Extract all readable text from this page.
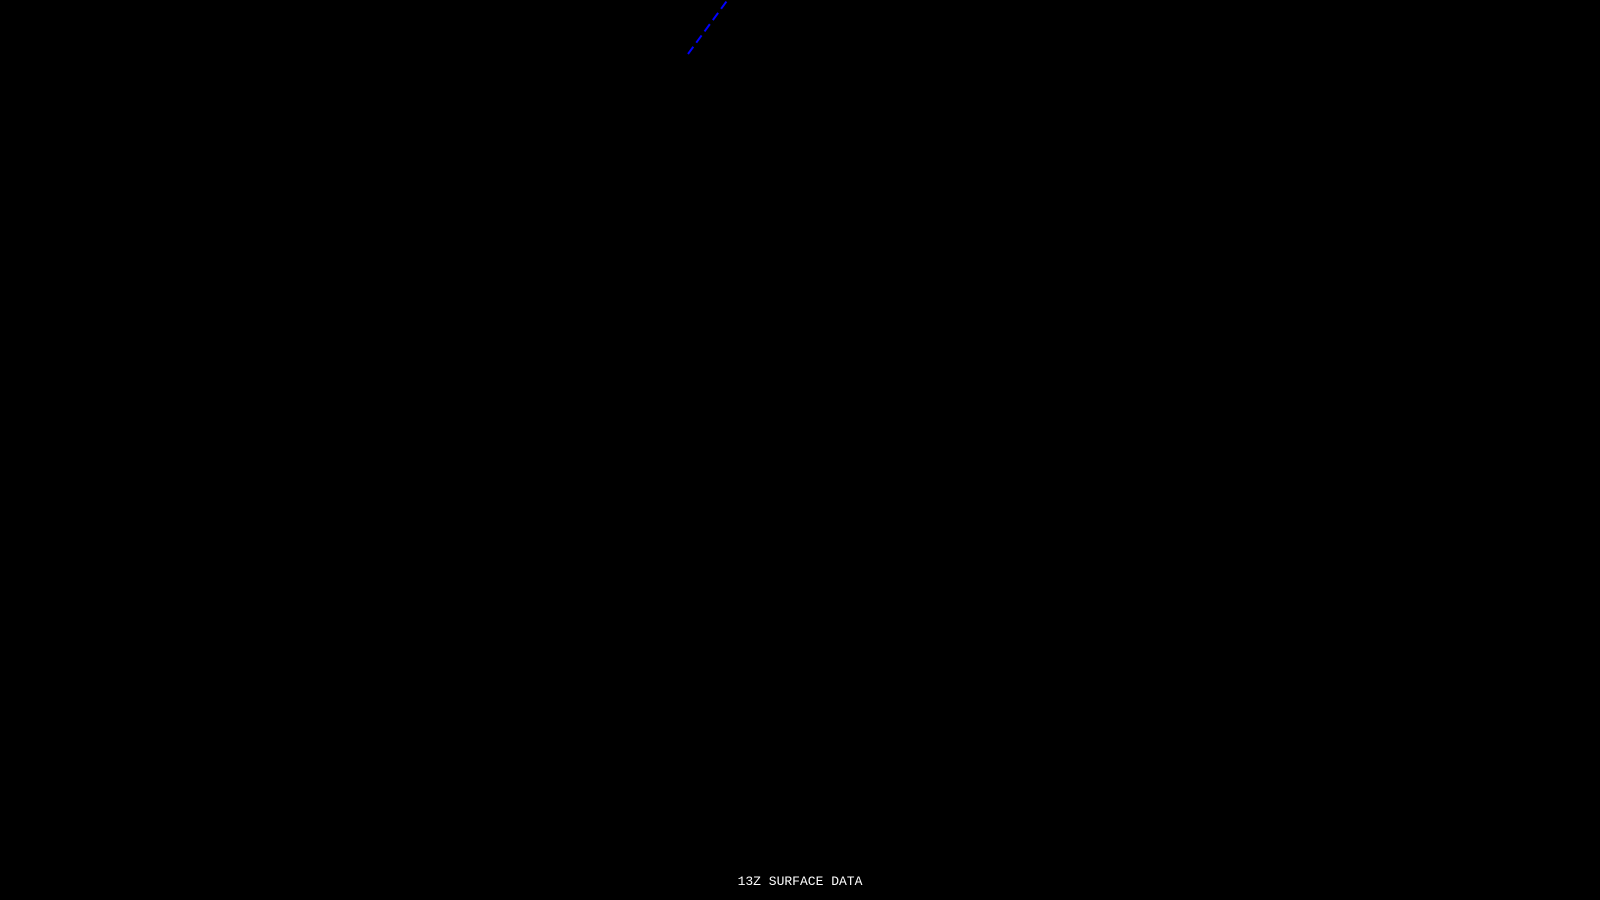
13Z SURFACE DATA
